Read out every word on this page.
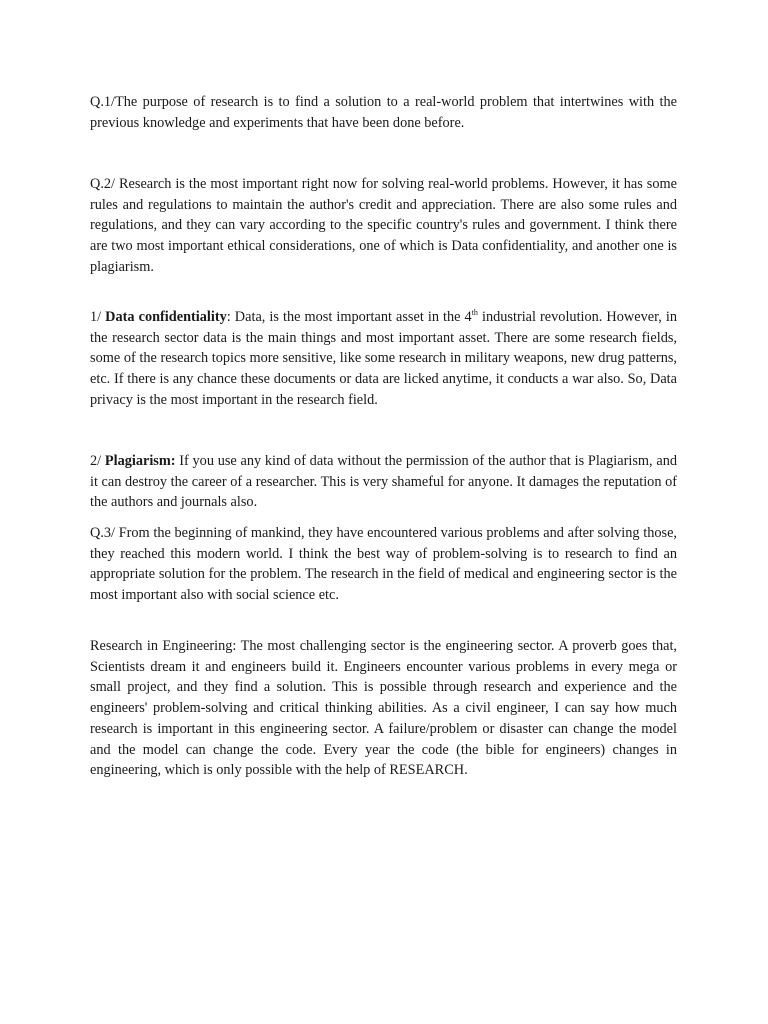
Q.1/The purpose of research is to find a solution to a real-world problem that intertwines with the previous knowledge and experiments that have been done before.

Q.2/ Research is the most important right now for solving real-world problems. However, it has some rules and regulations to maintain the author's credit and appreciation. There are also some rules and regulations, and they can vary according to the specific country's rules and government. I think there are two most important ethical considerations, one of which is Data confidentiality, and another one is plagiarism.

1/ Data confidentiality: Data, is the most important asset in the 4th industrial revolution. However, in the research sector data is the main things and most important asset. There are some research fields, some of the research topics more sensitive, like some research in military weapons, new drug patterns, etc. If there is any chance these documents or data are licked anytime, it conducts a war also. So, Data privacy is the most important in the research field.

2/ Plagiarism: If you use any kind of data without the permission of the author that is Plagiarism, and it can destroy the career of a researcher. This is very shameful for anyone. It damages the reputation of the authors and journals also.

Q.3/ From the beginning of mankind, they have encountered various problems and after solving those, they reached this modern world. I think the best way of problem-solving is to research to find an appropriate solution for the problem. The research in the field of medical and engineering sector is the most important also with social science etc.

Research in Engineering: The most challenging sector is the engineering sector. A proverb goes that, Scientists dream it and engineers build it. Engineers encounter various problems in every mega or small project, and they find a solution. This is possible through research and experience and the engineers' problem-solving and critical thinking abilities. As a civil engineer, I can say how much research is important in this engineering sector. A failure/problem or disaster can change the model and the model can change the code. Every year the code (the bible for engineers) changes in engineering, which is only possible with the help of RESEARCH.
